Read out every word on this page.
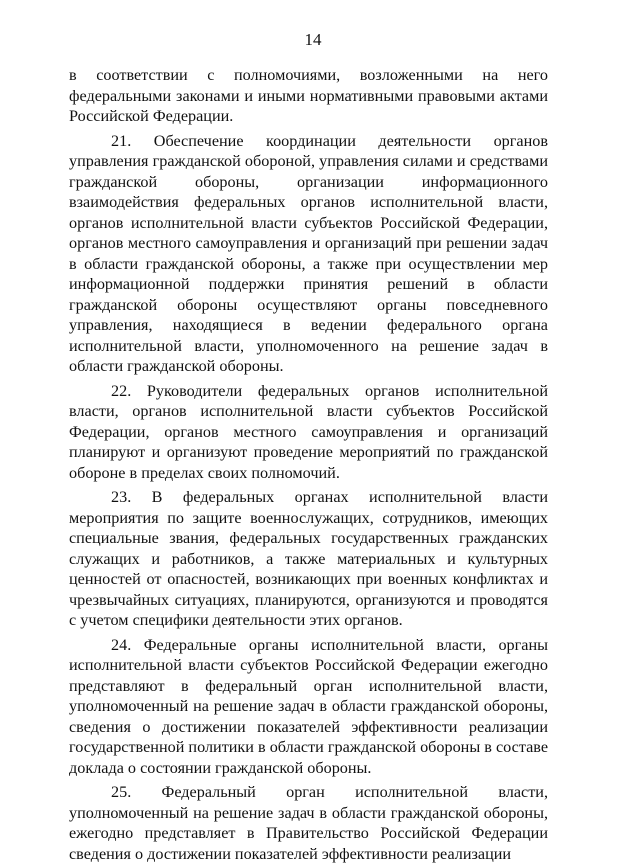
14

в соответствии с полномочиями, возложенными на него федеральными законами и иными нормативными правовыми актами Российской Федерации.

21. Обеспечение координации деятельности органов управления гражданской обороной, управления силами и средствами гражданской обороны, организации информационного взаимодействия федеральных органов исполнительной власти, органов исполнительной власти субъектов Российской Федерации, органов местного самоуправления и организаций при решении задач в области гражданской обороны, а также при осуществлении мер информационной поддержки принятия решений в области гражданской обороны осуществляют органы повседневного управления, находящиеся в ведении федерального органа исполнительной власти, уполномоченного на решение задач в области гражданской обороны.

22. Руководители федеральных органов исполнительной власти, органов исполнительной власти субъектов Российской Федерации, органов местного самоуправления и организаций планируют и организуют проведение мероприятий по гражданской обороне в пределах своих полномочий.

23. В федеральных органах исполнительной власти мероприятия по защите военнослужащих, сотрудников, имеющих специальные звания, федеральных государственных гражданских служащих и работников, а также материальных и культурных ценностей от опасностей, возникающих при военных конфликтах и чрезвычайных ситуациях, планируются, организуются и проводятся с учетом специфики деятельности этих органов.

24. Федеральные органы исполнительной власти, органы исполнительной власти субъектов Российской Федерации ежегодно представляют в федеральный орган исполнительной власти, уполномоченный на решение задач в области гражданской обороны, сведения о достижении показателей эффективности реализации государственной политики в области гражданской обороны в составе доклада о состоянии гражданской обороны.

25. Федеральный орган исполнительной власти, уполномоченный на решение задач в области гражданской обороны, ежегодно представляет в Правительство Российской Федерации сведения о достижении показателей эффективности реализации
